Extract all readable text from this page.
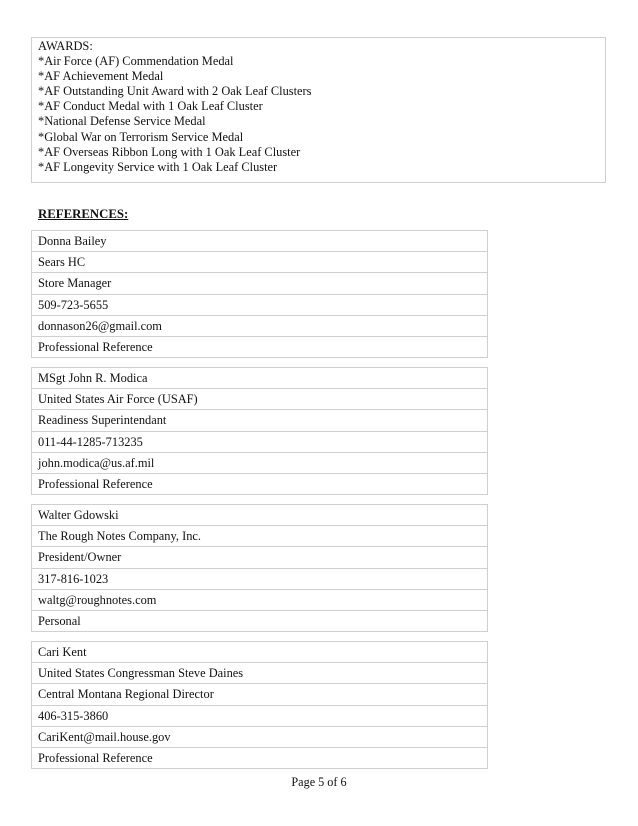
AWARDS:
*Air Force (AF) Commendation Medal
*AF Achievement Medal
*AF Outstanding Unit Award with 2 Oak Leaf Clusters
*AF Conduct Medal with 1 Oak Leaf Cluster
*National Defense Service Medal
*Global War on Terrorism Service Medal
*AF Overseas Ribbon Long with 1 Oak Leaf Cluster
*AF Longevity Service with 1 Oak Leaf Cluster
REFERENCES:
Donna Bailey
Sears HC
Store Manager
509-723-5655
donnason26@gmail.com
Professional Reference
MSgt John R. Modica
United States Air Force (USAF)
Readiness Superintendant
011-44-1285-713235
john.modica@us.af.mil
Professional Reference
Walter Gdowski
The Rough Notes Company, Inc.
President/Owner
317-816-1023
waltg@roughnotes.com
Personal
Cari Kent
United States Congressman Steve Daines
Central Montana Regional Director
406-315-3860
CariKent@mail.house.gov
Professional Reference
Page 5 of 6
